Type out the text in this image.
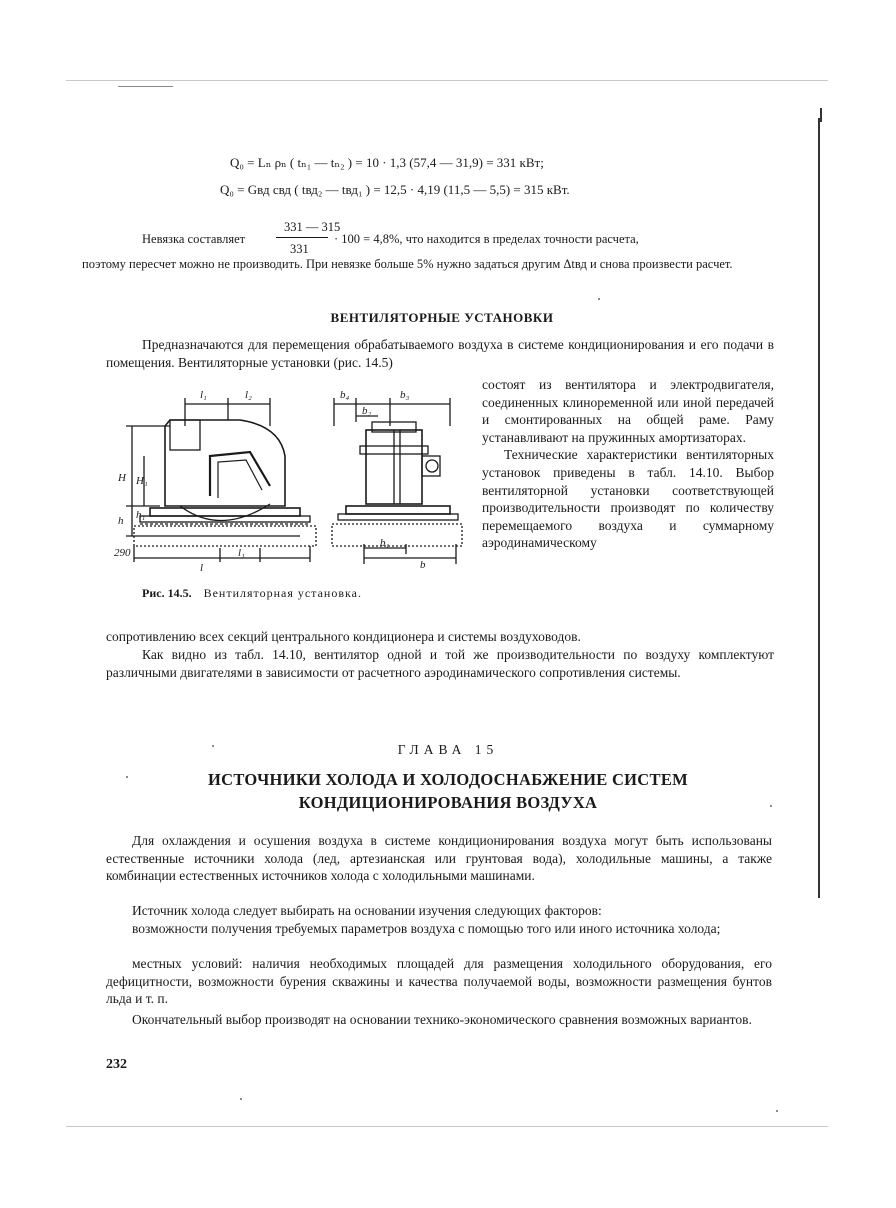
Q₀ = Lₙ ρₙ ( tₙ₁ — tₙ₂ ) = 10 · 1,3 (57,4 — 31,9) = 331 кВт;
Q₀ = Gвд cвд ( tвд₂ — tвд₁ ) = 12,5 · 4,19 (11,5 — 5,5) = 315 кВт.
Невязка составляет
331 — 315
331
· 100 = 4,8%, что находится в пределах точности расчета,
поэтому пересчет можно не производить. При невязке больше 5% нужно задаться другим Δtвд и снова произвести расчет.
ВЕНТИЛЯТОРНЫЕ УСТАНОВКИ
Предназначаются для перемещения обрабатываемого воздуха в системе кондиционирования и его подачи в помещения. Вентиляторные установки (рис. 14.5)
состоят из вентилятора и электродвигателя, соединенных клиноременной или иной передачей и смонтированных на общей раме. Раму устанавливают на пружинных амортизаторах.
Технические характеристики вентиляторных установок приведены в табл. 14.10. Выбор вентиляторной установки соответствующей производительности производят по количеству перемещаемого воздуха и суммарному аэродинамическому
l₁	l₂
H H₁
h h₁
290
l
l₁
b₄	b₃
b₂
b₁
b
Рис. 14.5. Вентиляторная установка.
сопротивлению всех секций центрального кондиционера и системы воздуховодов.
Как видно из табл. 14.10, вентилятор одной и той же производительности по воздуху комплектуют различными двигателями в зависимости от расчетного аэродинамического сопротивления системы.
ГЛАВА 15
ИСТОЧНИКИ ХОЛОДА И ХОЛОДОСНАБЖЕНИЕ СИСТЕМ
КОНДИЦИОНИРОВАНИЯ ВОЗДУХА
Для охлаждения и осушения воздуха в системе кондиционирования воздуха могут быть использованы естественные источники холода (лед, артезианская или грунтовая вода), холодильные машины, а также комбинации естественных источников холода с холодильными машинами.
Источник холода следует выбирать на основании изучения следующих факторов:
возможности получения требуемых параметров воздуха с помощью того или иного источника холода;
местных условий: наличия необходимых площадей для размещения холодильного оборудования, его дефицитности, возможности бурения скважины и качества получаемой воды, возможности размещения бунтов льда и т. п.
Окончательный выбор производят на основании технико-экономического сравнения возможных вариантов.
232
